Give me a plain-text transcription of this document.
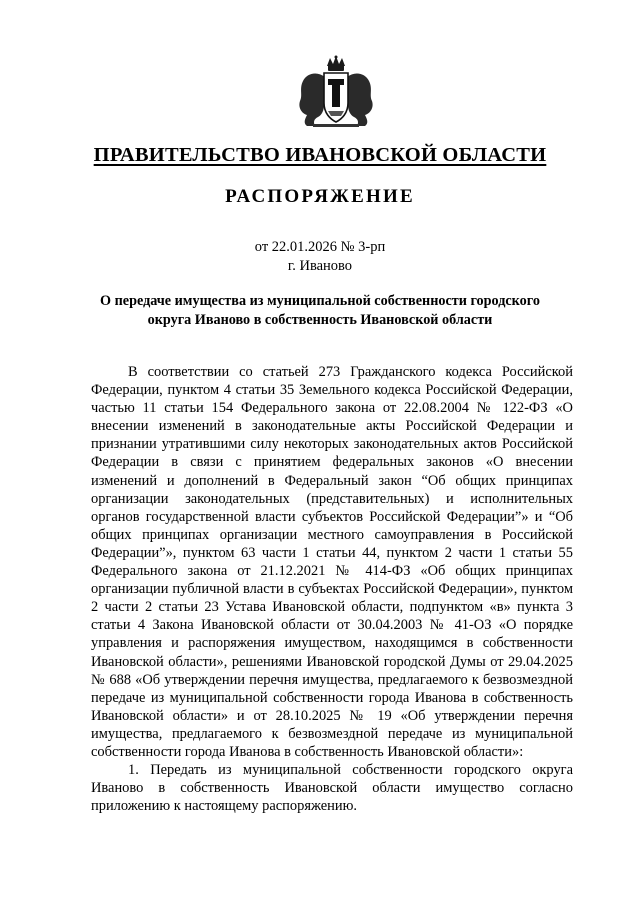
ПРАВИТЕЛЬСТВО ИВАНОВСКОЙ ОБЛАСТИ
РАСПОРЯЖЕНИЕ
от 22.01.2026 № 3-рп
г. Иваново
О передаче имущества из муниципальной собственности городского
округа Иваново в собственность Ивановской области

В соответствии со статьей 273 Гражданского кодекса Российской Федерации, пунктом 4 статьи 35 Земельного кодекса Российской Федерации, частью 11 статьи 154 Федерального закона от 22.08.2004 № 122-ФЗ «О внесении изменений в законодательные акты Российской Федерации и признании утратившими силу некоторых законодательных актов Российской Федерации в связи с принятием федеральных законов «О внесении изменений и дополнений в Федеральный закон “Об общих принципах организации законодательных (представительных) и исполнительных органов государственной власти субъектов Российской Федерации”» и “Об общих принципах организации местного самоуправления в Российской Федерации”», пунктом 63 части 1 статьи 44, пунктом 2 части 1 статьи 55 Федерального закона от 21.12.2021 № 414-ФЗ «Об общих принципах организации публичной власти в субъектах Российской Федерации», пунктом 2 части 2 статьи 23 Устава Ивановской области, подпунктом «в» пункта 3 статьи 4 Закона Ивановской области от 30.04.2003 № 41-ОЗ «О порядке управления и распоряжения имуществом, находящимся в собственности Ивановской области», решениями Ивановской городской Думы от 29.04.2025 № 688 «Об утверждении перечня имущества, предлагаемого к безвозмездной передаче из муниципальной собственности города Иванова в собственность Ивановской области» и от 28.10.2025 № 19 «Об утверждении перечня имущества, предлагаемого к безвозмездной передаче из муниципальной собственности города Иванова в собственность Ивановской области»:

1. Передать из муниципальной собственности городского округа Иваново в собственность Ивановской области имущество согласно приложению к настоящему распоряжению.
